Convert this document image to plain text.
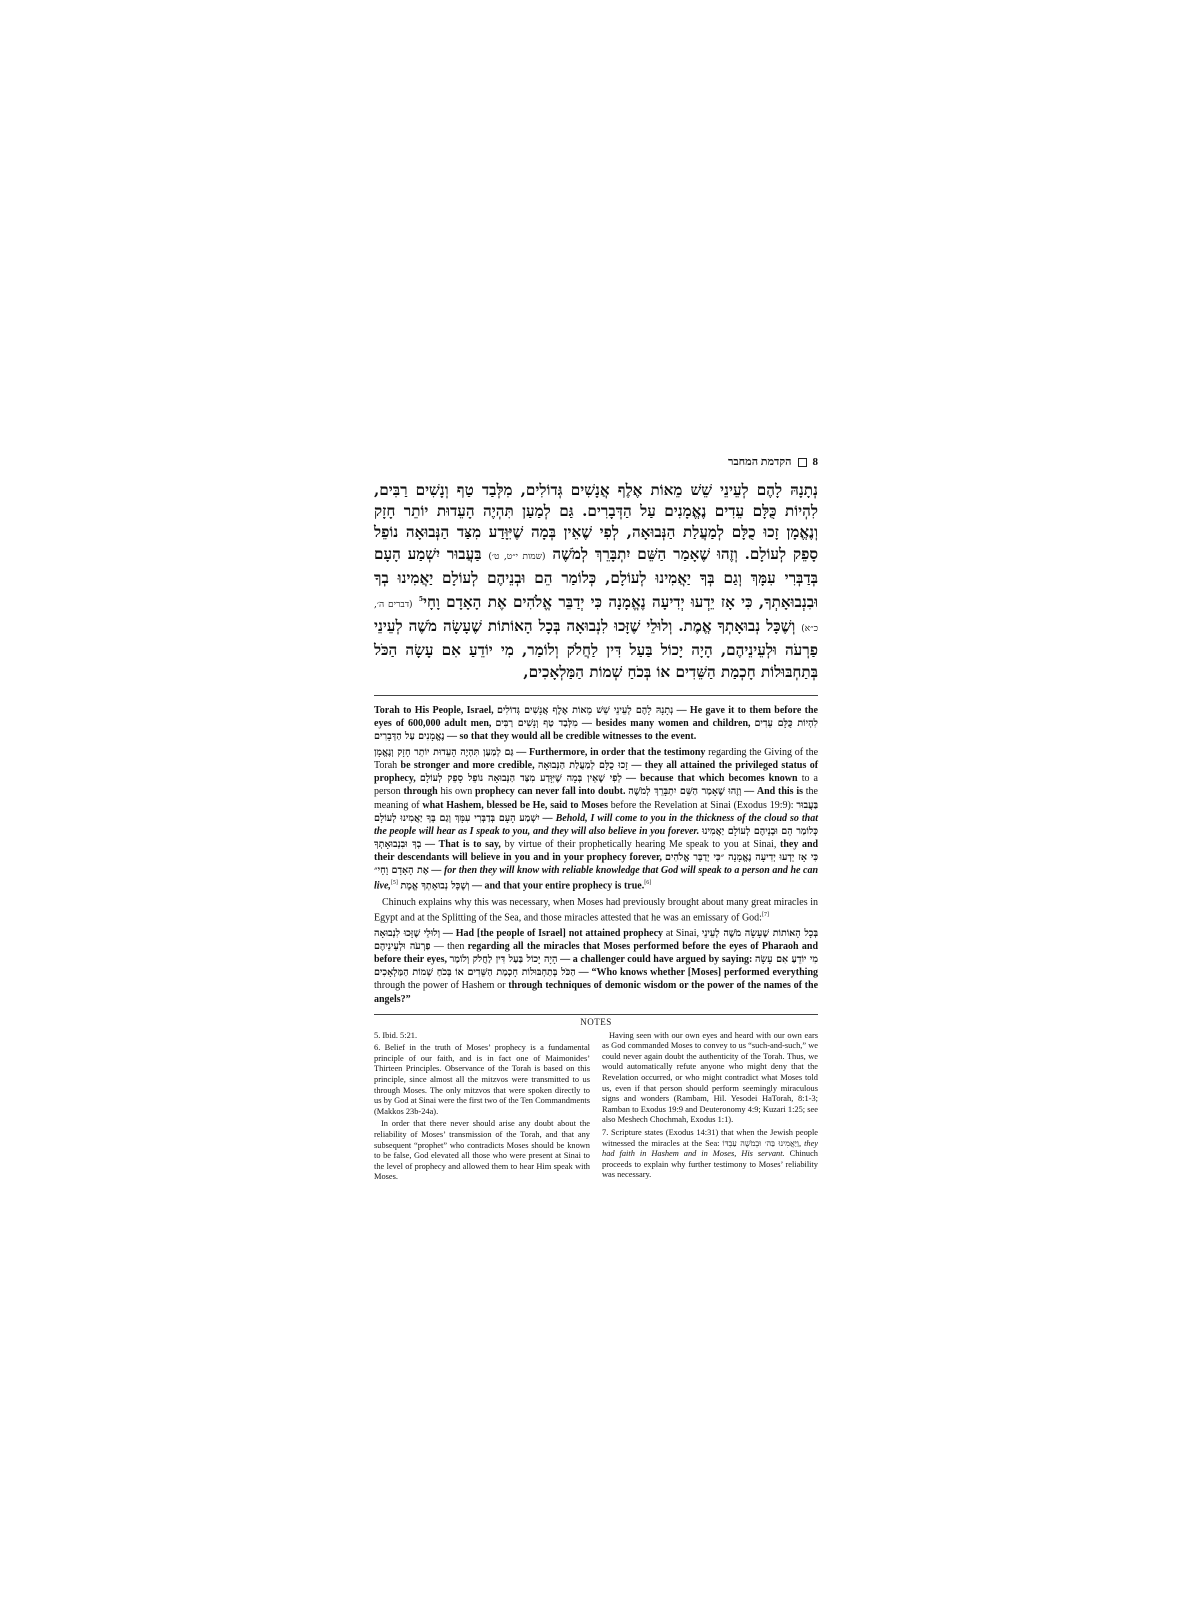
8
הקדמת המחבר
נְתָנָהּ לָהֶם לְעֵינֵי שֵׁשׁ מֵאוֹת אֶלֶף אֲנָשִׁים גְּדוֹלִים, מִלְּבַד טַף וְנָשִׁים רַבִּים, לִהְיוֹת כֻּלָּם עֵדִים נֶאֱמָנִים עַל הַדְּבָרִים. גַּם לְמַעַן תִּהְיֶה הָעֵדוּת יוֹתֵר חָזָק וְנֶאֱמָן זָכוּ כֻלָּם לְמַעֲלַת הַנְּבוּאָה, לְפִי שֶׁאֵין בְּמָה שֶׁיִּוָּדַע מִצַּד הַנְּבוּאָה נוֹפֵל סָפֵק לְעוֹלָם. וְזֶהוּ שֶׁאָמַר הַשֵּׁם יִתְבָּרֵךְ לְמֹשֶׁה (שמות י״ט, ט׳) בַּעֲבוּר יִשְׁמַע הָעָם בְּדַבְּרִי עִמָּךְ וְגַם בְּךָ יַאֲמִינוּ לְעוֹלָם, כְּלוֹמַר הֵם וּבְנֵיהֶם לְעוֹלָם יַאֲמִינוּ בְךָ וּבִנְבוּאָתְךָ, כִּי אָז יֵדְעוּ יְדִיעָה נֶאֱמָנָה כִּי יְדַבֵּר אֱלֹהִים אֶת הָאָדָם וָחָי$^5$ (דברים ה׳, כ״א) וְשֶׁכָּל נְבוּאָתְךָ אֱמֶת. וְלוּלֵי שֶׁזָּכוּ לִנְבוּאָה בְּכָל הָאוֹתוֹת שֶׁעָשָׂה מֹשֶׁה לְעֵינֵי פַרְעֹה וּלְעֵינֵיהֶם, הָיָה יָכוֹל בַּעַל דִּין לַחֲלֹק וְלוֹמַר, מִי יוֹדֵעַ אִם עָשָׂה הַכֹּל בְּתַחְבּוּלוֹת חָכְמַת הַשֵּׁדִים אוֹ בְּכֹחַ שְׁמוֹת הַמַּלְאָכִים,

Torah to His People, Israel, נְתָנָהּ לָהֶם לְעֵינֵי שֵׁשׁ מֵאוֹת אֶלֶף אֲנָשִׁים גְּדוֹלִים — He gave it to them before the eyes of 600,000 adult men, מִלְּבַד טַף וְנָשִׁים רַבִּים — besides many women and children, לִהְיוֹת כֻּלָּם עֵדִים נֶאֱמָנִים עַל הַדְּבָרִים — so that they would all be credible witnesses to the event.

גַּם לְמַעַן תִּהְיֶה הָעֵדוּת יוֹתֵר חָזָק וְנֶאֱמָן — Furthermore, in order that the testimony regarding the Giving of the Torah be stronger and more credible, זָכוּ כֻלָּם לְמַעֲלַת הַנְּבוּאָה — they all attained the privileged status of prophecy, לְפִי שֶׁאֵין בְּמָה שֶׁיִּוָּדַע מִצַּד הַנְּבוּאָה נוֹפֵל סָפֵק לְעוֹלָם — because that which becomes known to a person through his own prophecy can never fall into doubt. וְזֶהוּ שֶׁאָמַר הַשֵּׁם יִתְבָּרֵךְ לְמֹשֶׁה — And this is the meaning of what Hashem, blessed be He, said to Moses before the Revelation at Sinai (Exodus 19:9): בַּעֲבוּר יִשְׁמַע הָעָם בְּדַבְּרִי עִמָּךְ וְגַם בְּךָ יַאֲמִינוּ לְעוֹלָם — Behold, I will come to you in the thickness of the cloud so that the people will hear as I speak to you, and they will also believe in you forever. כְּלוֹמַר הֵם וּבְנֵיהֶם לְעוֹלָם יַאֲמִינוּ בְךָ וּבִנְבוּאָתְךָ — That is to say, by virtue of their prophetically hearing Me speak to you at Sinai, they and their descendants will believe in you and in your prophecy forever, כִּי אָז יֵדְעוּ יְדִיעָה נֶאֱמָנָה ״כִּי יְדַבֵּר אֱלֹהִים אֶת הָאָדָם וָחָי״ — for then they will know with reliable knowledge that God will speak to a person and he can live,[5] וְשֶׁכָּל נְבוּאָתְךָ אֱמֶת — and that your entire prophecy is true.[6]

Chinuch explains why this was necessary, when Moses had previously brought about many great miracles in Egypt and at the Splitting of the Sea, and those miracles attested that he was an emissary of God:[7]

וְלוּלֵי שֶׁזָּכוּ לִנְבוּאָה — Had [the people of Israel] not attained prophecy at Sinai, בְּכָל הָאוֹתוֹת שֶׁעָשָׂה מֹשֶׁה לְעֵינֵי פַרְעֹה וּלְעֵינֵיהֶם — then regarding all the miracles that Moses performed before the eyes of Pharaoh and before their eyes, הָיָה יָכוֹל בַּעַל דִּין לַחֲלֹק וְלוֹמַר — a challenger could have argued by saying: מִי יוֹדֵעַ אִם עָשָׂה הַכֹּל בְּתַחְבּוּלוֹת חָכְמַת הַשֵּׁדִים אוֹ בְּכֹחַ שְׁמוֹת הַמַּלְאָכִים — “Who knows whether [Moses] performed everything through the power of Hashem or through techniques of demonic wisdom or the power of the names of the angels?”

NOTES

5. Ibid. 5:21.

6. Belief in the truth of Moses’ prophecy is a fundamental principle of our faith, and is in fact one of Maimonides’ Thirteen Principles. Observance of the Torah is based on this principle, since almost all the mitzvos were transmitted to us through Moses. The only mitzvos that were spoken directly to us by God at Sinai were the first two of the Ten Commandments (Makkos 23b-24a).

In order that there never should arise any doubt about the reliability of Moses’ transmission of the Torah, and that any subsequent “prophet” who contradicts Moses should be known to be false, God elevated all those who were present at Sinai to the level of prophecy and allowed them to hear Him speak with Moses.

Having seen with our own eyes and heard with our own ears as God commanded Moses to convey to us “such-and-such,” we could never again doubt the authenticity of the Torah. Thus, we would automatically refute anyone who might deny that the Revelation occurred, or who might contradict what Moses told us, even if that person should perform seemingly miraculous signs and wonders (Rambam, Hil. Yesodei HaTorah, 8:1-3; Ramban to Exodus 19:9 and Deuteronomy 4:9; Kuzari 1:25; see also Meshech Chochmah, Exodus 1:1).

7. Scripture states (Exodus 14:31) that when the Jewish people witnessed the miracles at the Sea: וַיַּאֲמִינוּ בַּה׳ וּבְמֹשֶׁה עַבְדּוֹ, they had faith in Hashem and in Moses, His servant. Chinuch proceeds to explain why further testimony to Moses’ reliability was necessary.
